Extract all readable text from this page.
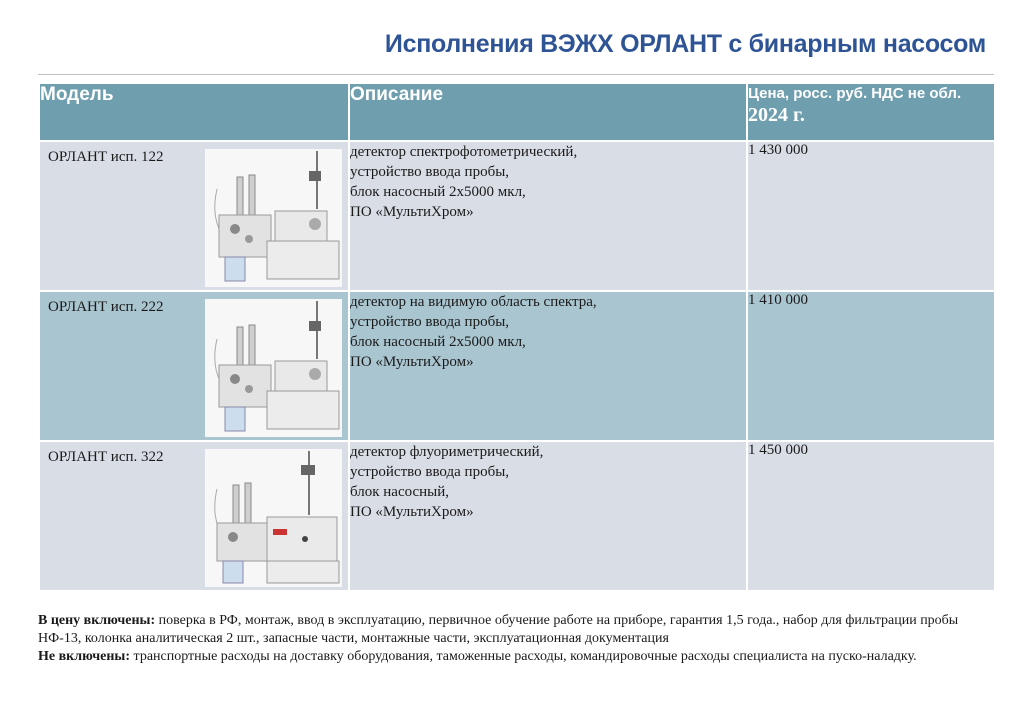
Исполнения ВЭЖХ ОРЛАНТ с бинарным насосом
Модель	Описание	Цена, росс. руб. НДС не обл.
2024 г.

ОРЛАНТ исп. 122	детектор спектрофотометрический,
устройство ввода пробы,
блок насосный 2х5000 мкл,
ПО «МультиХром»	1 430 000

ОРЛАНТ исп. 222	детектор на видимую область спектра,
устройство ввода пробы,
блок насосный 2х5000 мкл,
ПО «МультиХром»	1 410 000

ОРЛАНТ исп. 322	детектор флуориметрический,
устройство ввода пробы,
блок насосный,
ПО «МультиХром»	1 450 000
В цену включены: поверка в РФ, монтаж, ввод в эксплуатацию, первичное обучение работе на приборе, гарантия 1,5 года., набор для фильтрации пробы НФ-13, колонка аналитическая 2 шт., запасные части, монтажные части, эксплуатационная документация
Не включены: транспортные расходы на доставку оборудования, таможенные расходы, командировочные расходы специалиста на пуско-наладку.
